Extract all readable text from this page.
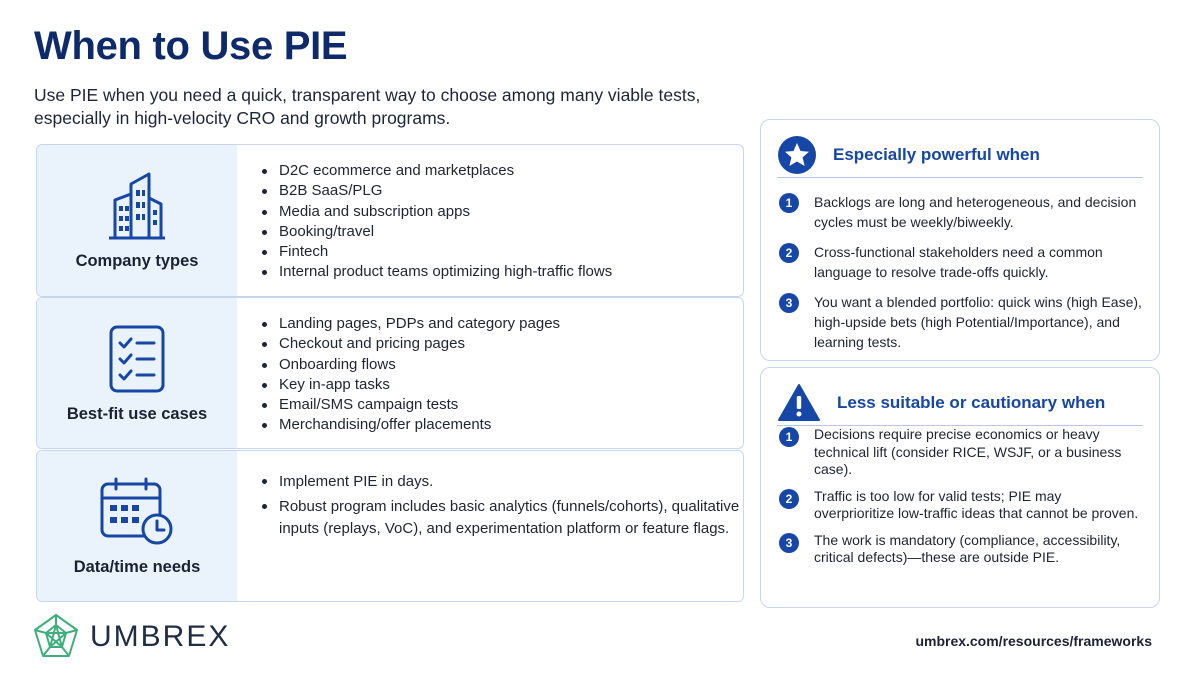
When to Use PIE

Use PIE when you need a quick, transparent way to choose among many viable tests, especially in high-velocity CRO and growth programs.

Company types
D2C ecommerce and marketplaces
B2B SaaS/PLG
Media and subscription apps
Booking/travel
Fintech
Internal product teams optimizing high-traffic flows
Best-fit use cases
Landing pages, PDPs and category pages
Checkout and pricing pages
Onboarding flows
Key in-app tasks
Email/SMS campaign tests
Merchandising/offer placements
Data/time needs
Implement PIE in days.
Robust program includes basic analytics (funnels/cohorts), qualitative inputs (replays, VoC), and experimentation platform or feature flags.
Especially powerful when
1	Backlogs are long and heterogeneous, and decision cycles must be weekly/biweekly.
2	Cross-functional stakeholders need a common language to resolve trade-offs quickly.
3	You want a blended portfolio: quick wins (high Ease), high-upside bets (high Potential/Importance), and learning tests.
Less suitable or cautionary when
1	Decisions require precise economics or heavy technical lift (consider RICE, WSJF, or a business case).
2	Traffic is too low for valid tests; PIE may overprioritize low-traffic ideas that cannot be proven.
3	The work is mandatory (compliance, accessibility, critical defects)—these are outside PIE.
UMBREX	umbrex.com/resources/frameworks
